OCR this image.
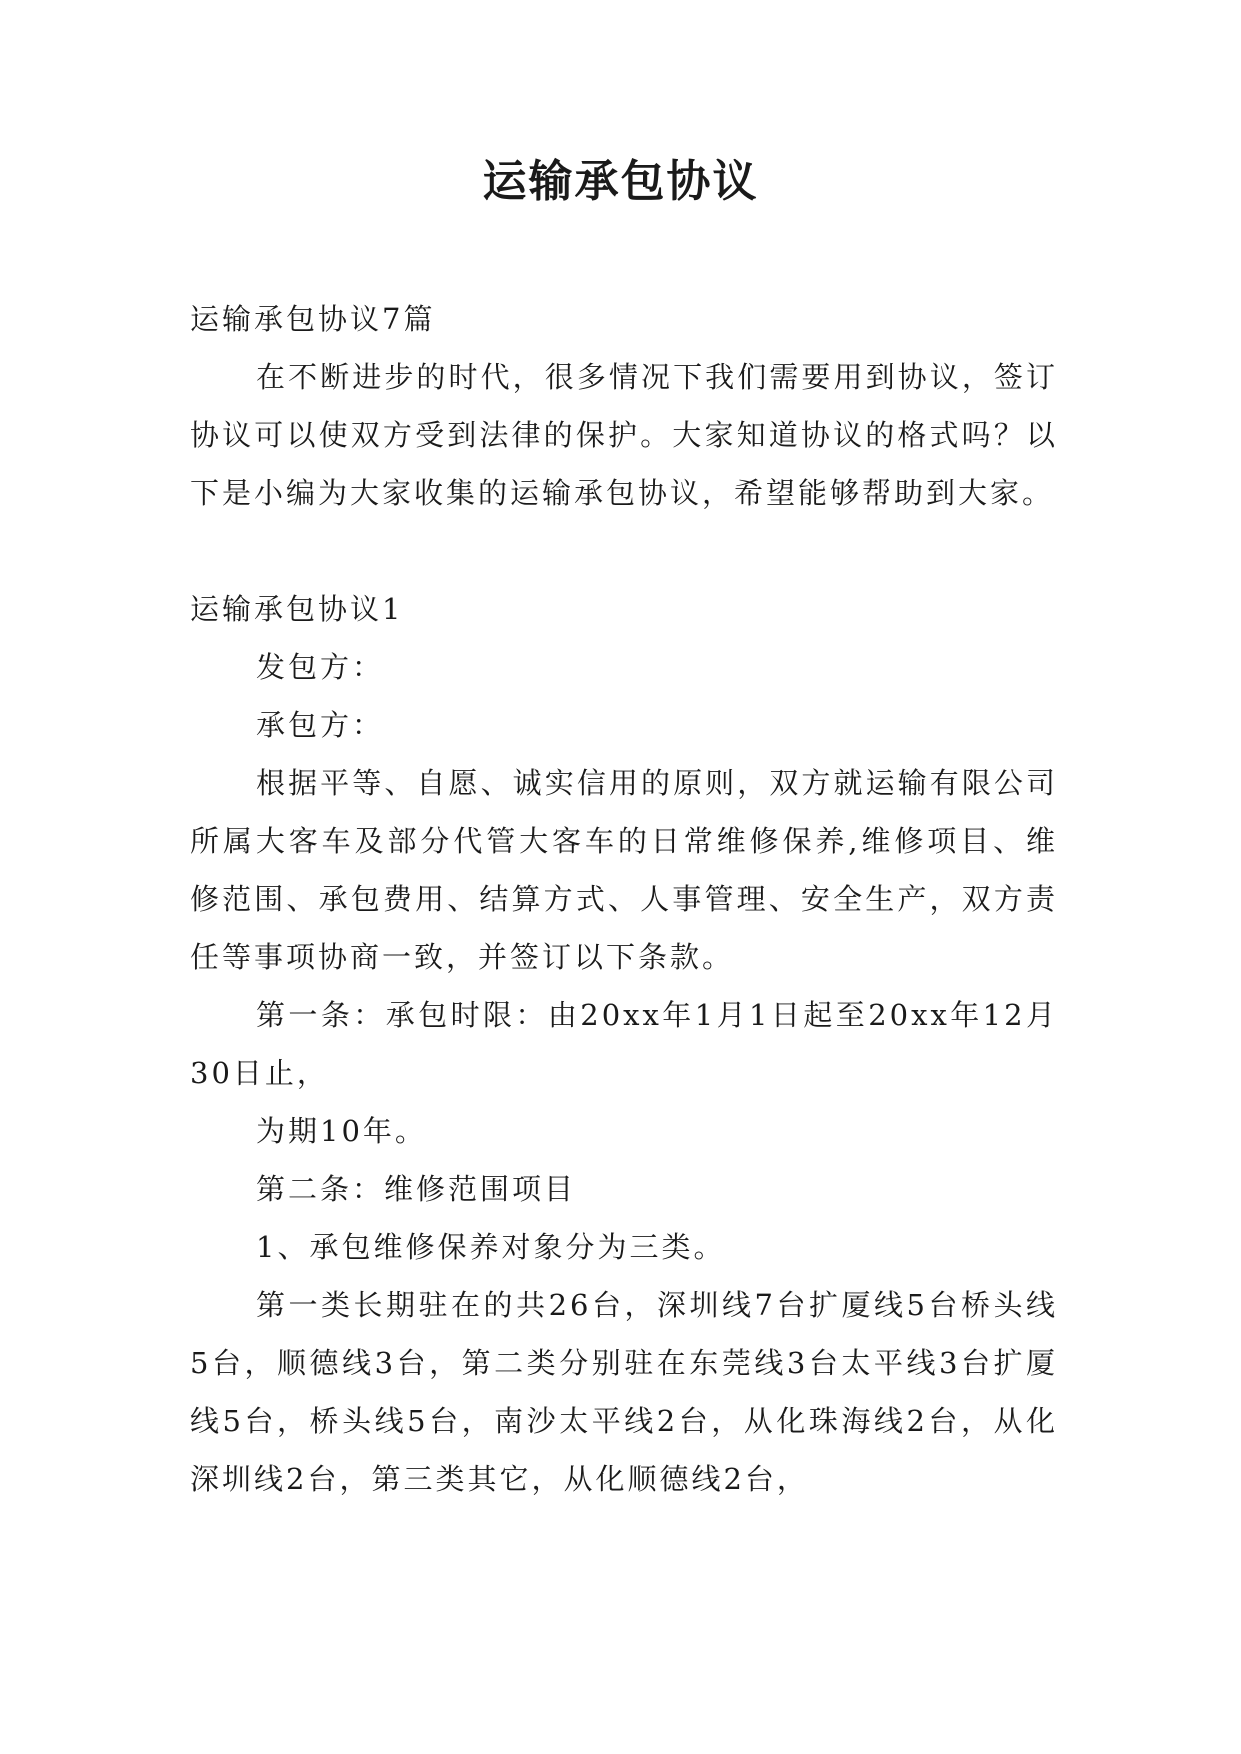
运输承包协议

运输承包协议7篇

在不断进步的时代，很多情况下我们需要用到协议，签订协议可以使双方受到法律的保护。大家知道协议的格式吗？以下是小编为大家收集的运输承包协议，希望能够帮助到大家。

运输承包协议1

发包方：

承包方：

根据平等、自愿、诚实信用的原则，双方就运输有限公司所属大客车及部分代管大客车的日常维修保养,维修项目、维修范围、承包费用、结算方式、人事管理、安全生产，双方责任等事项协商一致，并签订以下条款。

第一条：承包时限：由20xx年1月1日起至20xx年12月30日止，

为期10年。

第二条：维修范围项目

1、承包维修保养对象分为三类。

第一类长期驻在的共26台，深圳线7台扩厦线5台桥头线5台，顺德线3台，第二类分别驻在东莞线3台太平线3台扩厦线5台，桥头线5台，南沙太平线2台，从化珠海线2台，从化深圳线2台，第三类其它，从化顺德线2台，
